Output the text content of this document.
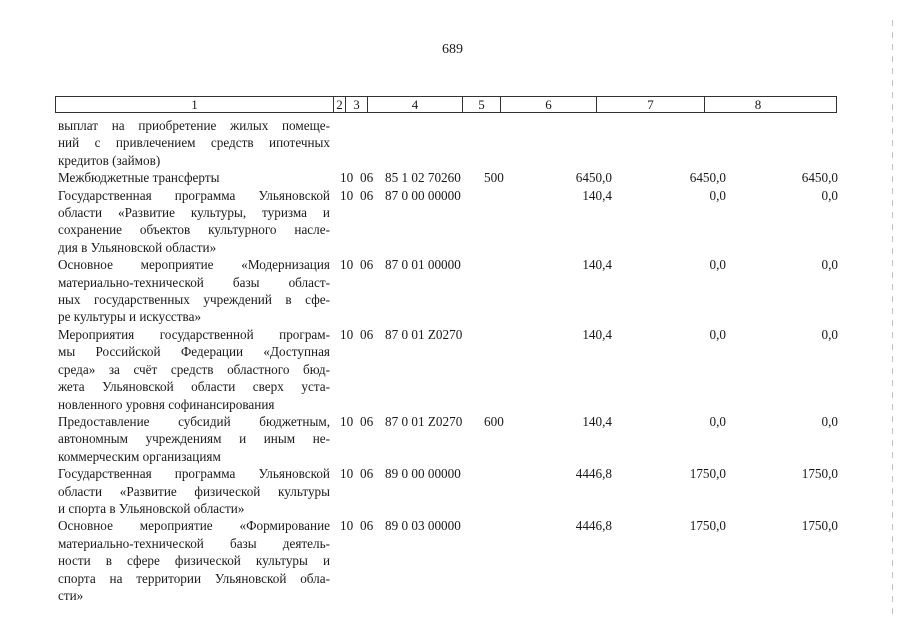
689
1	2 3	4	5	6	7	8
выплат на приобретение жилых помеще-
ний с привлечением средств ипотечных
кредитов (займов)
Межбюджетные трансферты	10 06 85 1 02 70260 500	6450,0	6450,0	6450,0
Государственная программа Ульяновской
области «Развитие культуры, туризма и
сохранение объектов культурного насле-
дия в Ульяновской области»
10 06 87 0 00 00000	140,4	0,0	0,0
Основное мероприятие «Модернизация
материально-технической базы област-
ных государственных учреждений в сфе-
ре культуры и искусства»
10 06 87 0 01 00000	140,4	0,0	0,0
Мероприятия государственной програм-
мы Российской Федерации «Доступная
среда» за счёт средств областного бюд-
жета Ульяновской области сверх уста-
новленного уровня софинансирования
10 06 87 0 01 Z0270	140,4	0,0	0,0
Предоставление субсидий бюджетным,
автономным учреждениям и иным не-
коммерческим организациям
10 06 87 0 01 Z0270 600	140,4	0,0	0,0
Государственная программа Ульяновской
области «Развитие физической культуры
и спорта в Ульяновской области»
10 06 89 0 00 00000	4446,8	1750,0	1750,0
Основное мероприятие «Формирование
материально-технической базы деятель-
ности в сфере физической культуры и
спорта на территории Ульяновской обла-
сти»
10 06 89 0 03 00000	4446,8	1750,0	1750,0
